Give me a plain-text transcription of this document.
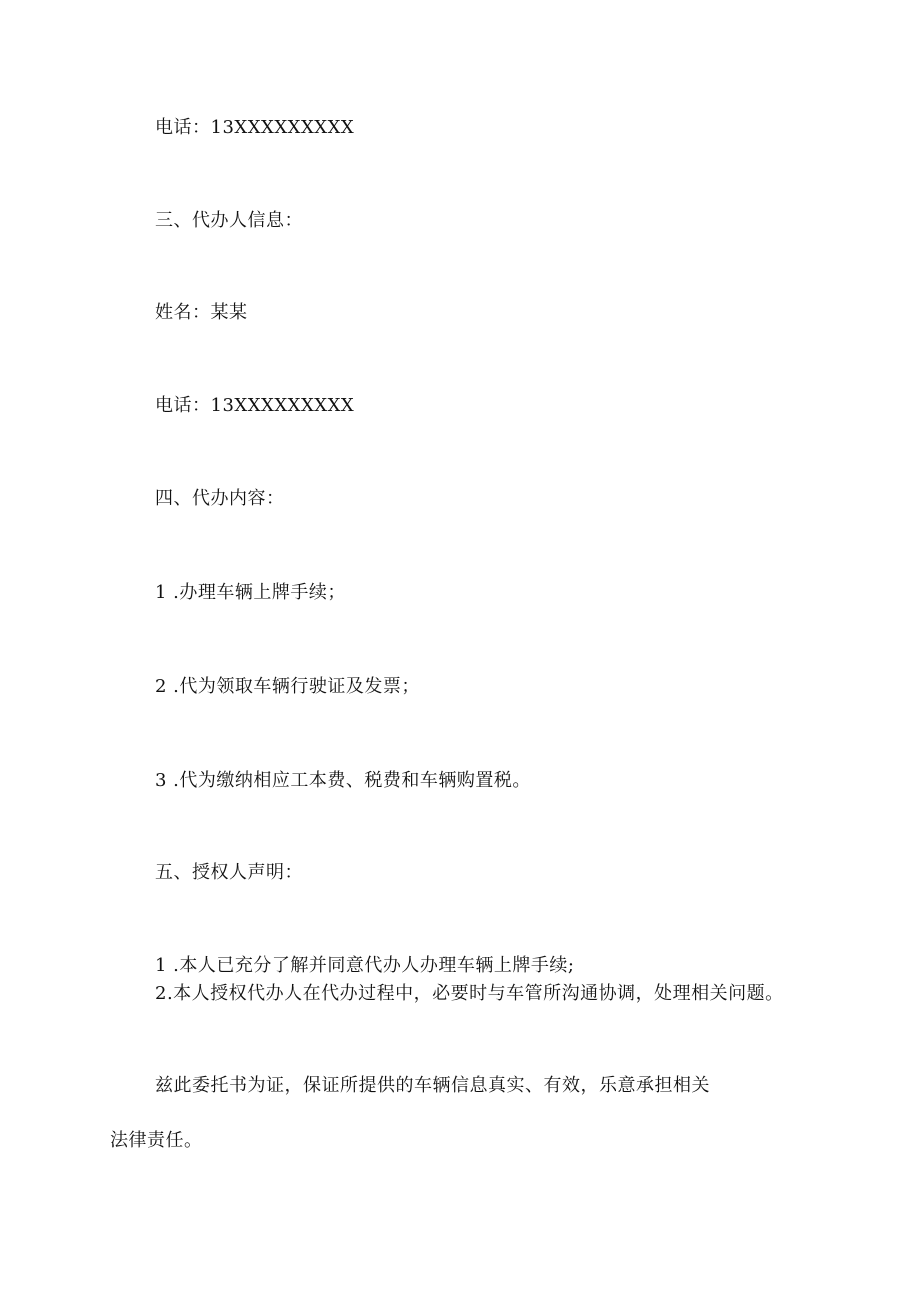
电话：13XXXXXXXXX
三、代办人信息：
姓名：某某
电话：13XXXXXXXXX
四、代办内容：
1 .办理车辆上牌手续；
2 .代为领取车辆行驶证及发票；
3 .代为缴纳相应工本费、税费和车辆购置税。
五、授权人声明：
1 .本人已充分了解并同意代办人办理车辆上牌手续;
2.本人授权代办人在代办过程中，必要时与车管所沟通协调，处理相关问题。
兹此委托书为证，保证所提供的车辆信息真实、有效，乐意承担相关
法律责任。
